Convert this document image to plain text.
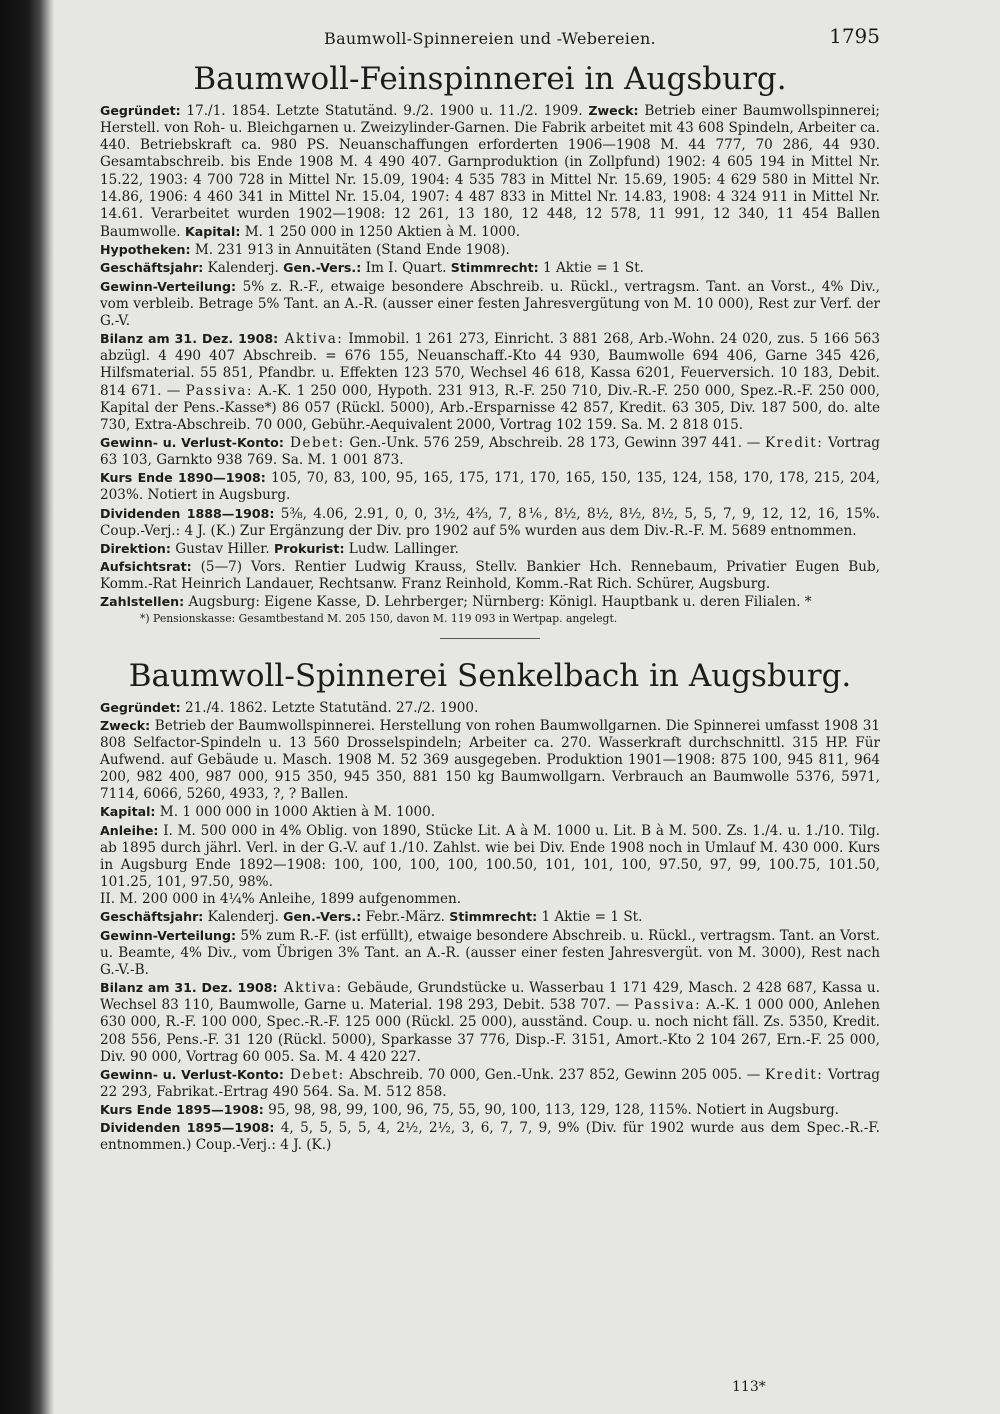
Baumwoll-Spinnereien und -Webereien.	1795
Baumwoll-Feinspinnerei in Augsburg.

Gegründet: 17./1. 1854. Letzte Statutänd. 9./2. 1900 u. 11./2. 1909. Zweck: Betrieb einer Baumwollspinnerei; Herstell. von Roh- u. Bleichgarnen u. Zweizylinder-Garnen. Die Fabrik arbeitet mit 43 608 Spindeln, Arbeiter ca. 440. Betriebskraft ca. 980 PS. Neuanschaffungen erforderten 1906—1908 M. 44 777, 70 286, 44 930. Gesamtabschreib. bis Ende 1908 M. 4 490 407. Garnproduktion (in Zollpfund) 1902: 4 605 194 in Mittel Nr. 15.22, 1903: 4 700 728 in Mittel Nr. 15.09, 1904: 4 535 783 in Mittel Nr. 15.69, 1905: 4 629 580 in Mittel Nr. 14.86, 1906: 4 460 341 in Mittel Nr. 15.04, 1907: 4 487 833 in Mittel Nr. 14.83, 1908: 4 324 911 in Mittel Nr. 14.61. Verarbeitet wurden 1902—1908: 12 261, 13 180, 12 448, 12 578, 11 991, 12 340, 11 454 Ballen Baumwolle. Kapital: M. 1 250 000 in 1250 Aktien à M. 1000.

Hypotheken: M. 231 913 in Annuitäten (Stand Ende 1908).

Geschäftsjahr: Kalenderj. Gen.-Vers.: Im I. Quart. Stimmrecht: 1 Aktie = 1 St.

Gewinn-Verteilung: 5% z. R.-F., etwaige besondere Abschreib. u. Rückl., vertragsm. Tant. an Vorst., 4% Div., vom verbleib. Betrage 5% Tant. an A.-R. (ausser einer festen Jahresvergütung von M. 10 000), Rest zur Verf. der G.-V.

Bilanz am 31. Dez. 1908: Aktiva: Immobil. 1 261 273, Einricht. 3 881 268, Arb.-Wohn. 24 020, zus. 5 166 563 abzügl. 4 490 407 Abschreib. = 676 155, Neuanschaff.-Kto 44 930, Baumwolle 694 406, Garne 345 426, Hilfsmaterial. 55 851, Pfandbr. u. Effekten 123 570, Wechsel 46 618, Kassa 6201, Feuerversich. 10 183, Debit. 814 671. — Passiva: A.-K. 1 250 000, Hypoth. 231 913, R.-F. 250 710, Div.-R.-F. 250 000, Spez.-R.-F. 250 000, Kapital der Pens.-Kasse*) 86 057 (Rückl. 5000), Arb.-Ersparnisse 42 857, Kredit. 63 305, Div. 187 500, do. alte 730, Extra-Abschreib. 70 000, Gebühr.-Aequivalent 2000, Vortrag 102 159. Sa. M. 2 818 015.

Gewinn- u. Verlust-Konto: Debet: Gen.-Unk. 576 259, Abschreib. 28 173, Gewinn 397 441. — Kredit: Vortrag 63 103, Garnkto 938 769. Sa. M. 1 001 873.

Kurs Ende 1890—1908: 105, 70, 83, 100, 95, 165, 175, 171, 170, 165, 150, 135, 124, 158, 170, 178, 215, 204, 203%. Notiert in Augsburg.

Dividenden 1888—1908: 5⅜, 4.06, 2.91, 0, 0, 3½, 4⅔, 7, 8⅙, 8½, 8½, 8½, 8½, 5, 5, 7, 9, 12, 12, 16, 15%. Coup.-Verj.: 4 J. (K.) Zur Ergänzung der Div. pro 1902 auf 5% wurden aus dem Div.-R.-F. M. 5689 entnommen.

Direktion: Gustav Hiller. Prokurist: Ludw. Lallinger.

Aufsichtsrat: (5—7) Vors. Rentier Ludwig Krauss, Stellv. Bankier Hch. Rennebaum, Privatier Eugen Bub, Komm.-Rat Heinrich Landauer, Rechtsanw. Franz Reinhold, Komm.-Rat Rich. Schürer, Augsburg.

Zahlstellen: Augsburg: Eigene Kasse, D. Lehrberger; Nürnberg: Königl. Hauptbank u. deren Filialen. *

*) Pensionskasse: Gesamtbestand M. 205 150, davon M. 119 093 in Wertpap. angelegt.
Baumwoll-Spinnerei Senkelbach in Augsburg.

Gegründet: 21./4. 1862. Letzte Statutänd. 27./2. 1900.

Zweck: Betrieb der Baumwollspinnerei. Herstellung von rohen Baumwollgarnen. Die Spinnerei umfasst 1908 31 808 Selfactor-Spindeln u. 13 560 Drosselspindeln; Arbeiter ca. 270. Wasserkraft durchschnittl. 315 HP. Für Aufwend. auf Gebäude u. Masch. 1908 M. 52 369 ausgegeben. Produktion 1901—1908: 875 100, 945 811, 964 200, 982 400, 987 000, 915 350, 945 350, 881 150 kg Baumwollgarn. Verbrauch an Baumwolle 5376, 5971, 7114, 6066, 5260, 4933, ?, ? Ballen.

Kapital: M. 1 000 000 in 1000 Aktien à M. 1000.

Anleihe: I. M. 500 000 in 4% Oblig. von 1890, Stücke Lit. A à M. 1000 u. Lit. B à M. 500. Zs. 1./4. u. 1./10. Tilg. ab 1895 durch jährl. Verl. in der G.-V. auf 1./10. Zahlst. wie bei Div. Ende 1908 noch in Umlauf M. 430 000. Kurs in Augsburg Ende 1892—1908: 100, 100, 100, 100, 100.50, 101, 101, 100, 97.50, 97, 99, 100.75, 101.50, 101.25, 101, 97.50, 98%.

II. M. 200 000 in 4¼% Anleihe, 1899 aufgenommen.

Geschäftsjahr: Kalenderj. Gen.-Vers.: Febr.-März. Stimmrecht: 1 Aktie = 1 St.

Gewinn-Verteilung: 5% zum R.-F. (ist erfüllt), etwaige besondere Abschreib. u. Rückl., vertragsm. Tant. an Vorst. u. Beamte, 4% Div., vom Übrigen 3% Tant. an A.-R. (ausser einer festen Jahresvergüt. von M. 3000), Rest nach G.-V.-B.

Bilanz am 31. Dez. 1908: Aktiva: Gebäude, Grundstücke u. Wasserbau 1 171 429, Masch. 2 428 687, Kassa u. Wechsel 83 110, Baumwolle, Garne u. Material. 198 293, Debit. 538 707. — Passiva: A.-K. 1 000 000, Anlehen 630 000, R.-F. 100 000, Spec.-R.-F. 125 000 (Rückl. 25 000), ausständ. Coup. u. noch nicht fäll. Zs. 5350, Kredit. 208 556, Pens.-F. 31 120 (Rückl. 5000), Sparkasse 37 776, Disp.-F. 3151, Amort.-Kto 2 104 267, Ern.-F. 25 000, Div. 90 000, Vortrag 60 005. Sa. M. 4 420 227.

Gewinn- u. Verlust-Konto: Debet: Abschreib. 70 000, Gen.-Unk. 237 852, Gewinn 205 005. — Kredit: Vortrag 22 293, Fabrikat.-Ertrag 490 564. Sa. M. 512 858.

Kurs Ende 1895—1908: 95, 98, 98, 99, 100, 96, 75, 55, 90, 100, 113, 129, 128, 115%. Notiert in Augsburg.

Dividenden 1895—1908: 4, 5, 5, 5, 5, 4, 2½, 2½, 3, 6, 7, 7, 9, 9% (Div. für 1902 wurde aus dem Spec.-R.-F. entnommen.) Coup.-Verj.: 4 J. (K.)

113*
